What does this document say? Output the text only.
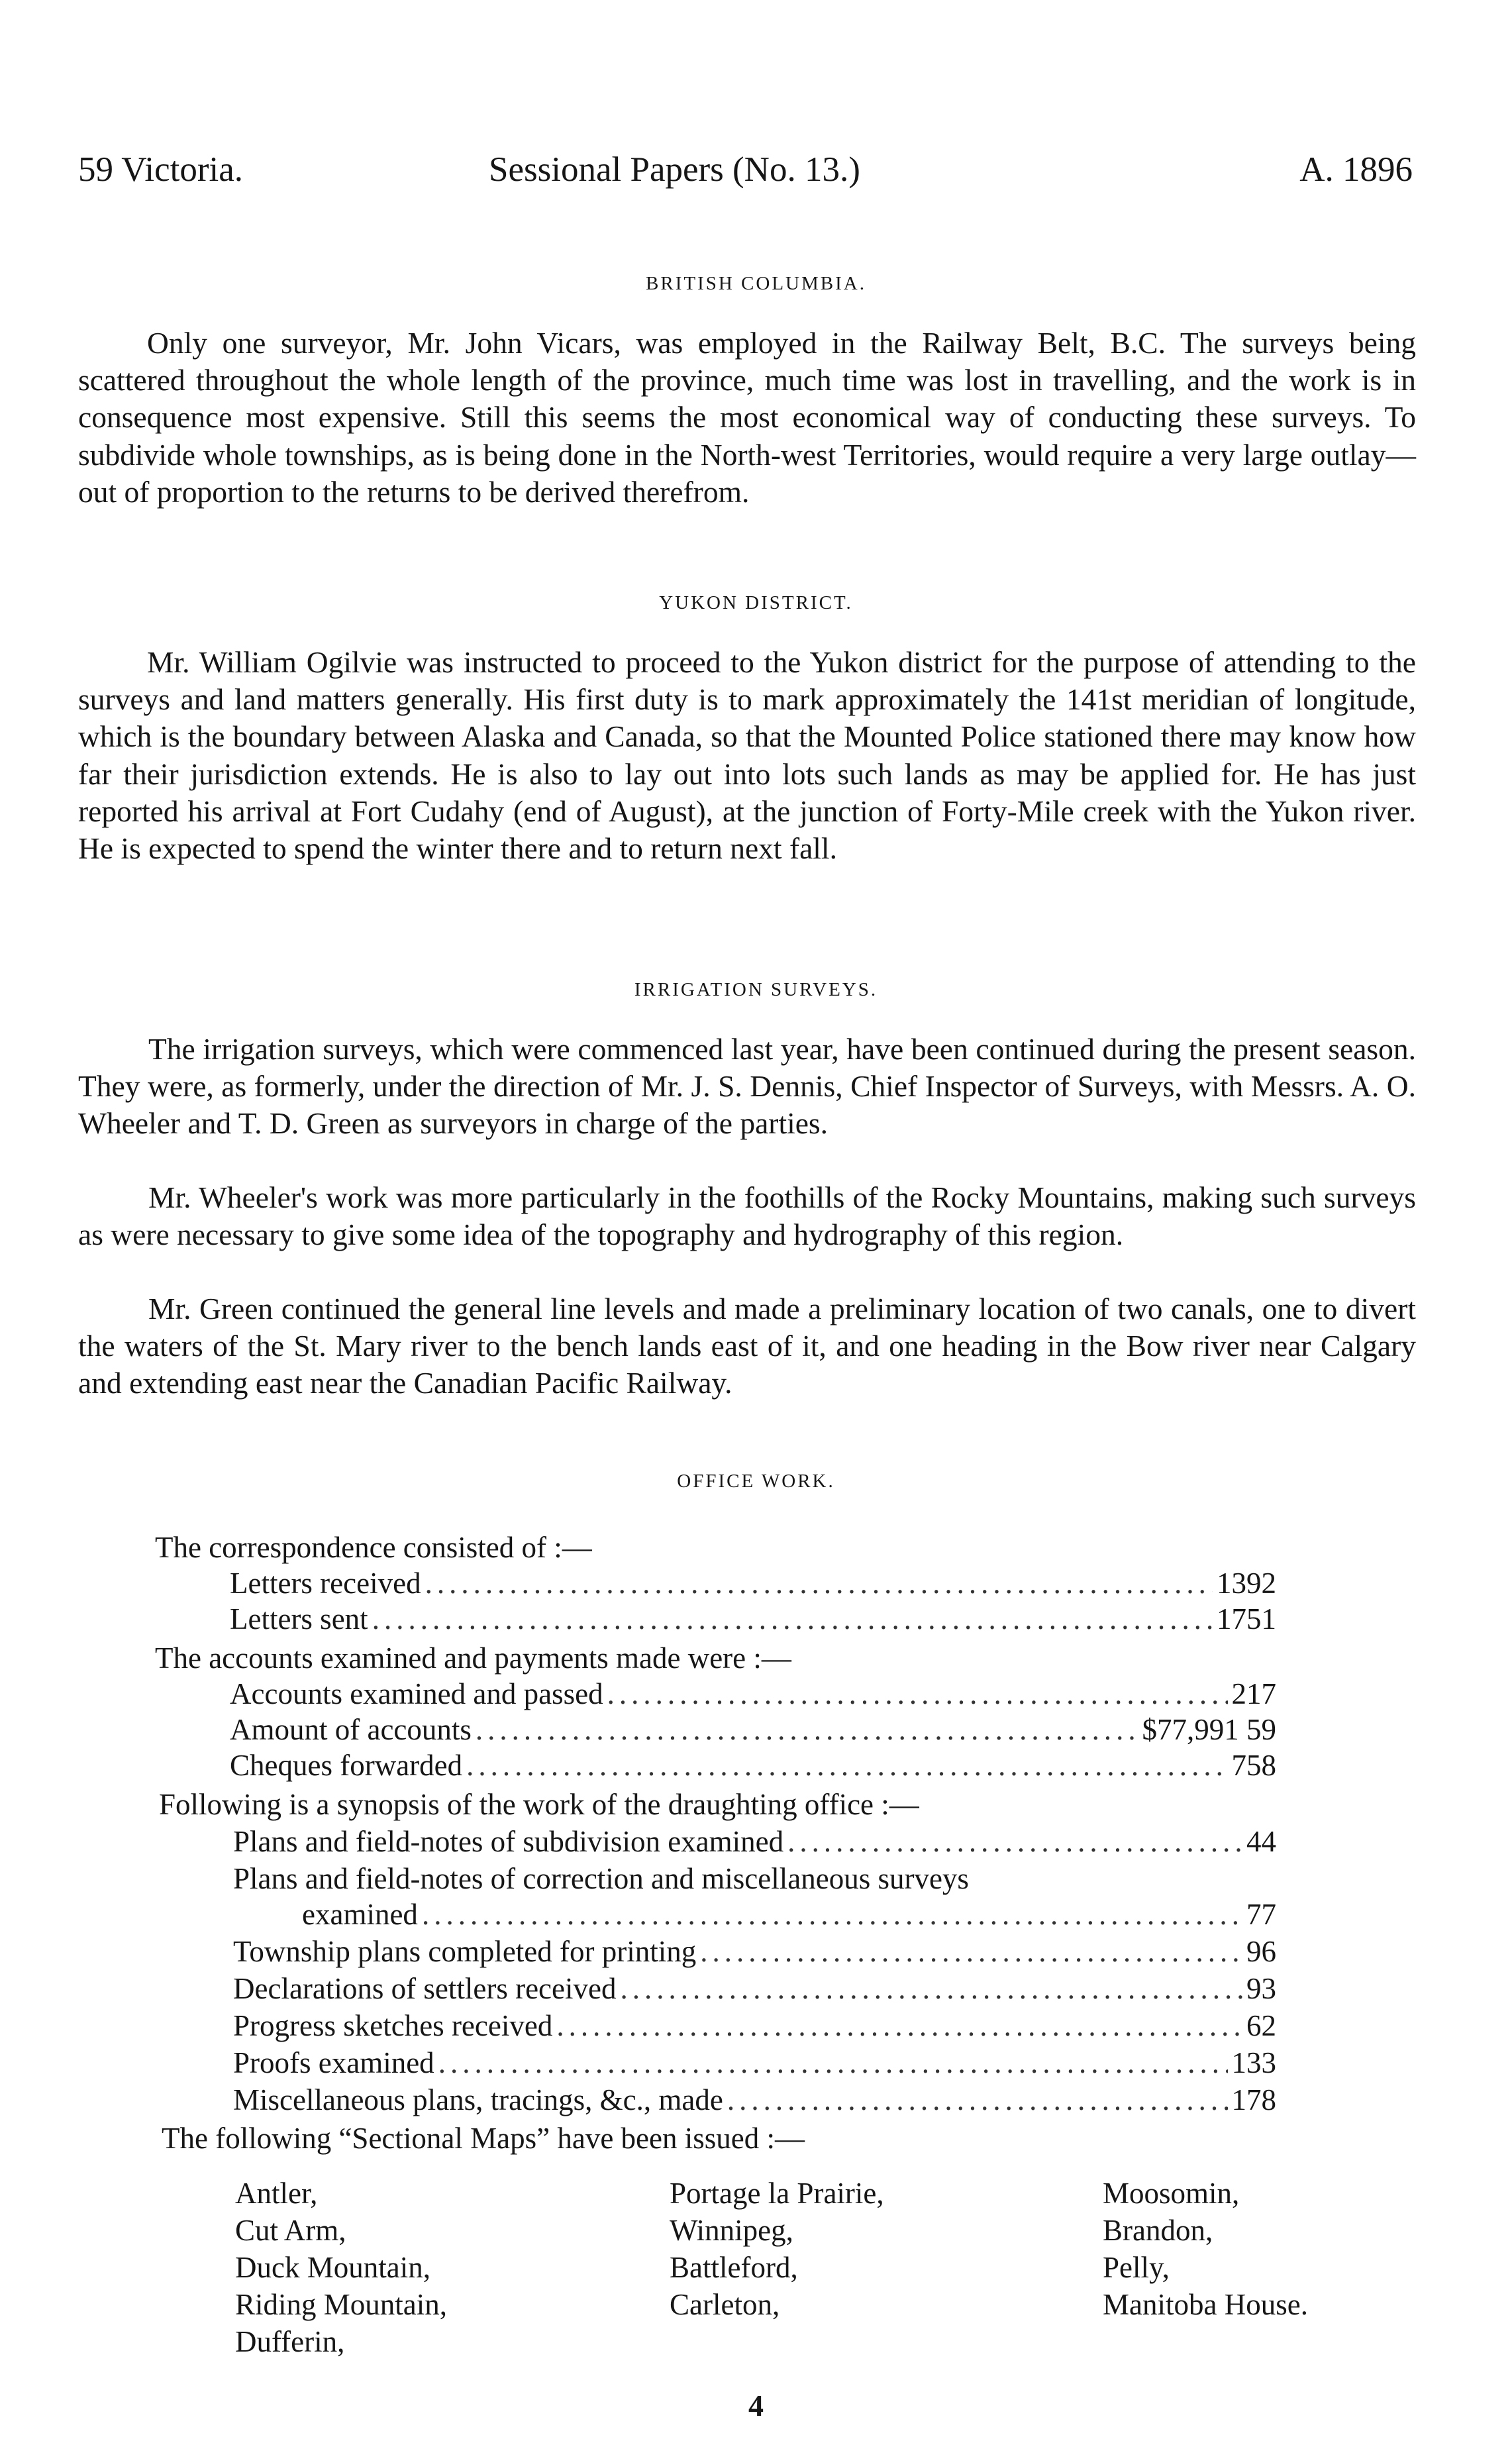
59 Victoria.	Sessional Papers (No. 13.)	A. 1896
BRITISH COLUMBIA.

Only one surveyor, Mr. John Vicars, was employed in the Railway Belt, B.C. The surveys being scattered throughout the whole length of the province, much time was lost in travelling, and the work is in consequence most expensive. Still this seems the most economical way of conducting these surveys. To subdivide whole townships, as is being done in the North-west Territories, would require a very large outlay—out of proportion to the returns to be derived therefrom.

YUKON DISTRICT.

Mr. William Ogilvie was instructed to proceed to the Yukon district for the purpose of attending to the surveys and land matters generally. His first duty is to mark approximately the 141st meridian of longitude, which is the boundary between Alaska and Canada, so that the Mounted Police stationed there may know how far their jurisdiction extends. He is also to lay out into lots such lands as may be applied for. He has just reported his arrival at Fort Cudahy (end of August), at the junction of Forty-Mile creek with the Yukon river. He is expected to spend the winter there and to return next fall.

IRRIGATION SURVEYS.

The irrigation surveys, which were commenced last year, have been continued during the present season. They were, as formerly, under the direction of Mr. J. S. Dennis, Chief Inspector of Surveys, with Messrs. A. O. Wheeler and T. D. Green as surveyors in charge of the parties.

Mr. Wheeler's work was more particularly in the foothills of the Rocky Mountains, making such surveys as were necessary to give some idea of the topography and hydrography of this region.

Mr. Green continued the general line levels and made a preliminary location of two canals, one to divert the waters of the St. Mary river to the bench lands east of it, and one heading in the Bow river near Calgary and extending east near the Canadian Pacific Railway.

OFFICE WORK.
The correspondence consisted of :—
Letters received .....	1392
Letters sent .....	1751
The accounts examined and payments made were :—
Accounts examined and passed .....	217
Amount of accounts .....	$77,991 59
Cheques forwarded .....	758
Following is a synopsis of the work of the draughting office :—
Plans and field-notes of subdivision examined .....	44
Plans and field-notes of correction and miscellaneous surveys
examined .....	77
Township plans completed for printing .....	96
Declarations of settlers received .....	93
Progress sketches received .....	62
Proofs examined .....	133
Miscellaneous plans, tracings, &c., made .....	178
The following “Sectional Maps” have been issued :—
Antler,	Portage la Prairie,	Moosomin,
Cut Arm,	Winnipeg,	Brandon,
Duck Mountain,	Battleford,	Pelly,
Riding Mountain,	Carleton,	Manitoba House.
Dufferin,
4
